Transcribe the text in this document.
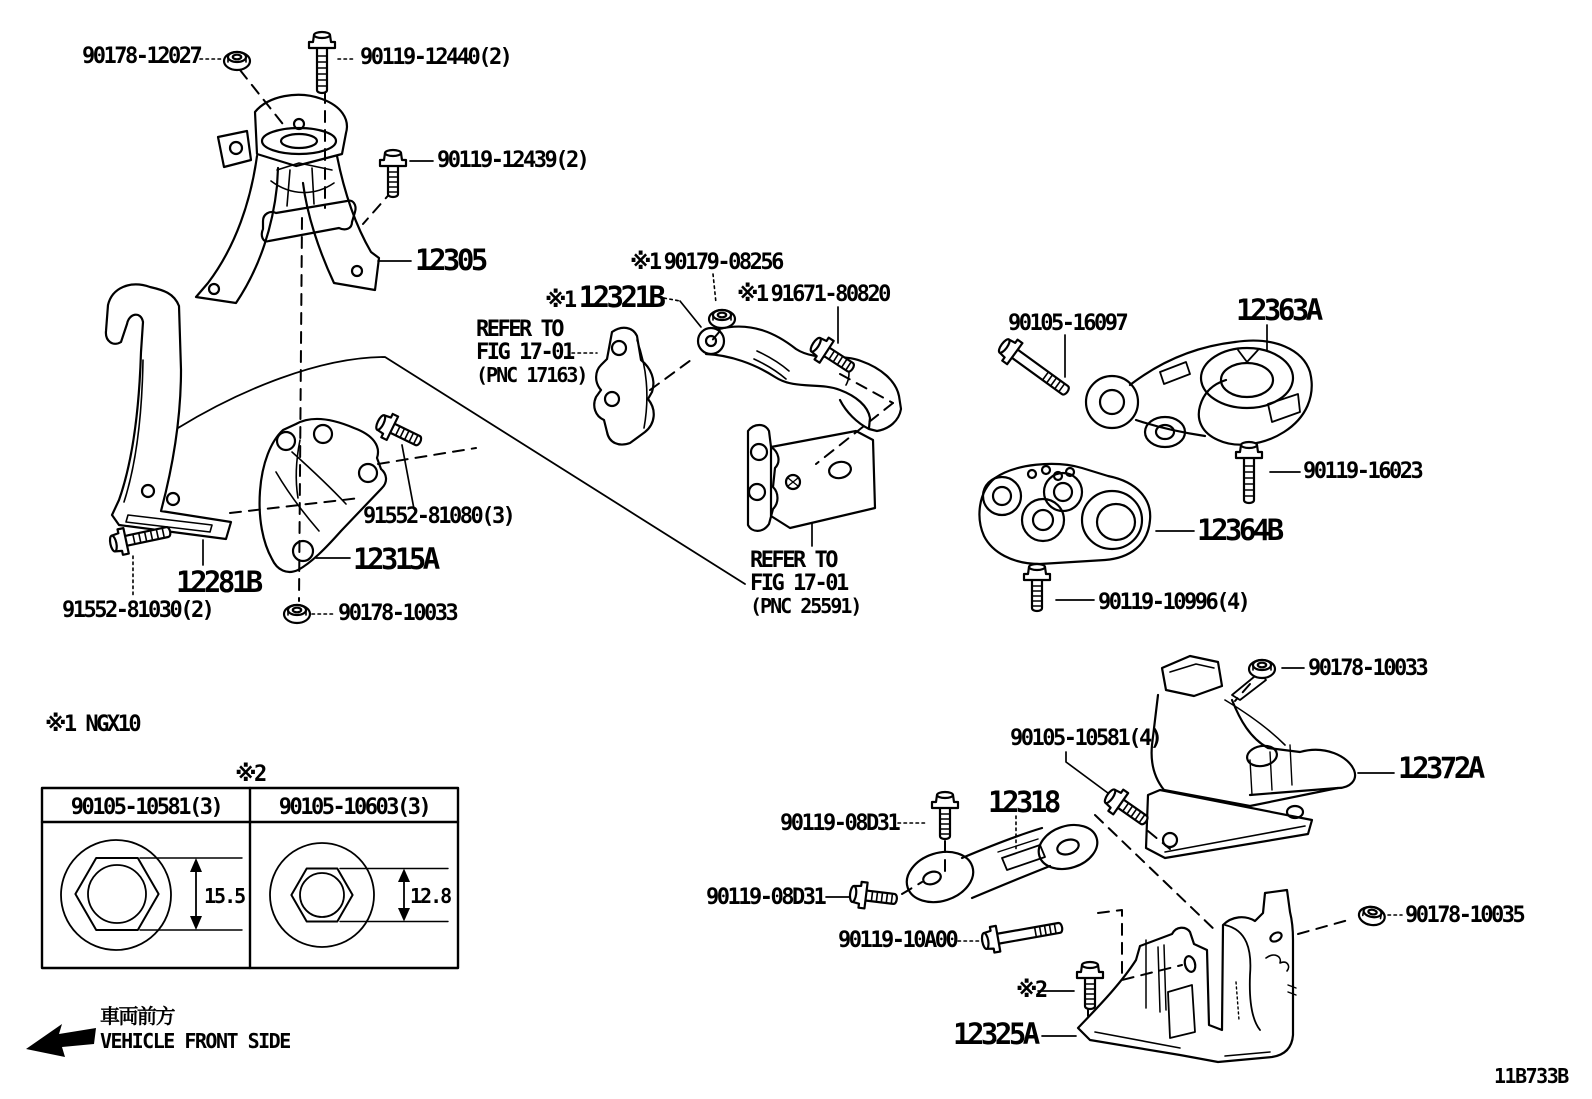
90178-12027	90119-12440(2)
90119-12439(2)
12305	※1 90179-08256
※1 12321B	※1 91671-80820
REFER TO
FIG 17-01
(PNC 17163)
REFER TO
FIG 17-01
(PNC 25591)
90105-16097	12363A
90119-16023
12364B
90119-10996(4)
90178-10033
12372A
90105-10581(4)
12318
90119-08D31
90119-08D31
90119-10A00
※2
12325A
90178-10035
12281B
91552-81030(2)
91552-81080(3)
12315A
90178-10033
※1 NGX10
※2
90105-10581(3)	90105-10603(3)
15.5	12.8
車両前方
VEHICLE FRONT SIDE
11B733B
